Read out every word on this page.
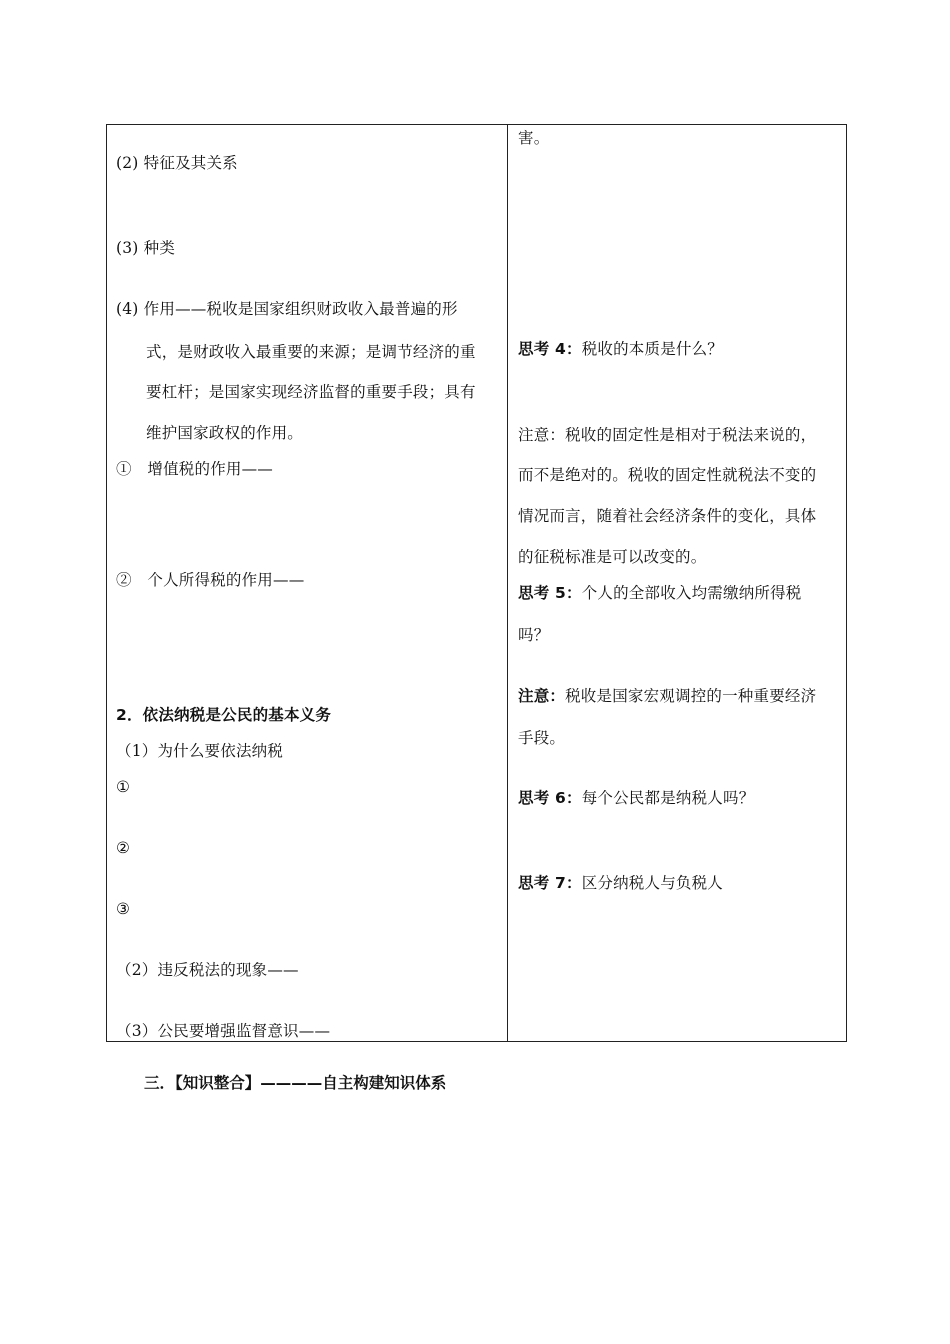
(2) 特征及其关系
(3) 种类
(4) 作用——税收是国家组织财政收入最普遍的形
式，是财政收入最重要的来源；是调节经济的重
要杠杆；是国家实现经济监督的重要手段；具有
维护国家政权的作用。
①　增值税的作用——
②　个人所得税的作用——
2．依法纳税是公民的基本义务
（1）为什么要依法纳税
①
②
③
（2）违反税法的现象——
（3）公民要增强监督意识——
害。
思考 4：税收的本质是什么？
注意：税收的固定性是相对于税法来说的，
而不是绝对的。税收的固定性就税法不变的
情况而言，随着社会经济条件的变化，具体
的征税标准是可以改变的。
思考 5：个人的全部收入均需缴纳所得税
吗？
注意：税收是国家宏观调控的一种重要经济
手段。
思考 6：每个公民都是纳税人吗？
思考 7：区分纳税人与负税人
三．【知识整合】————自主构建知识体系
